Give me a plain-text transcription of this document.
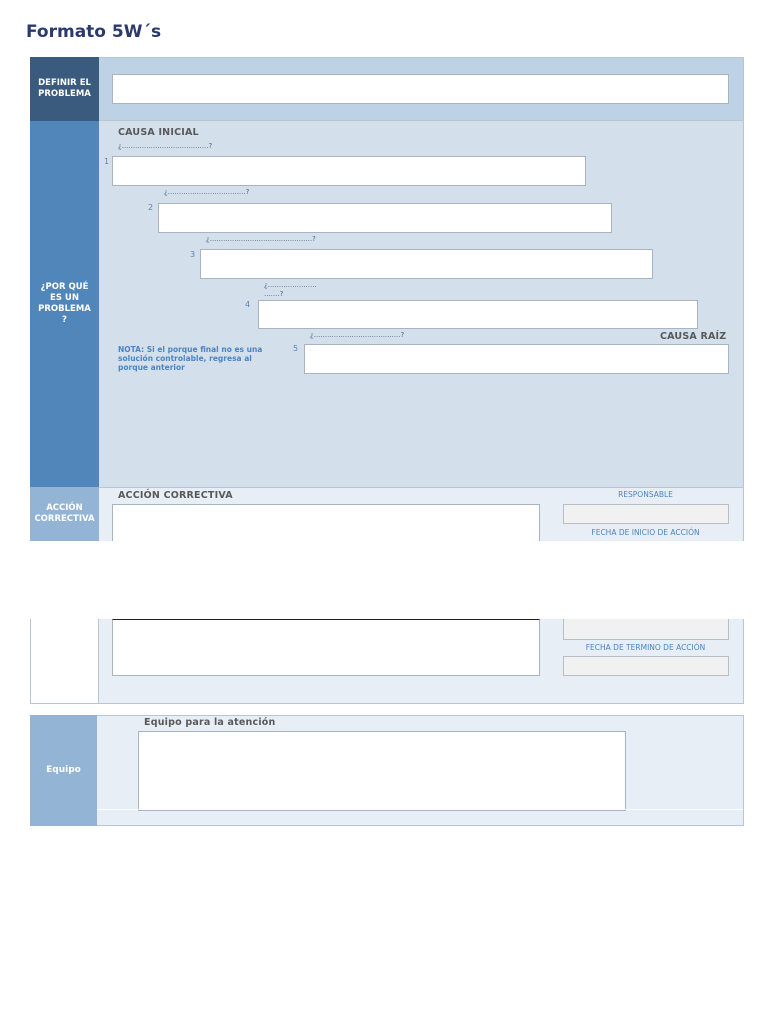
Formato 5W´s
DEFINIR EL PROBLEMA
¿POR QUÉ ES UN PROBLEMA ?
CAUSA INICIAL
¿.......................................?
1
¿...................................?
2
¿..............................................?
3
¿......................
.......?
4
¿.......................................?	CAUSA RAÍZ
5
NOTA: Si el porque final no es una solución controlable, regresa al porque anterior
ACCIÓN CORRECTIVA
ACCIÓN CORRECTIVA	RESPONSABLE
FECHA DE INICIO DE ACCIÓN
FECHA DE TERMINO DE ACCIÓN
Equipo
Equipo para la atención
